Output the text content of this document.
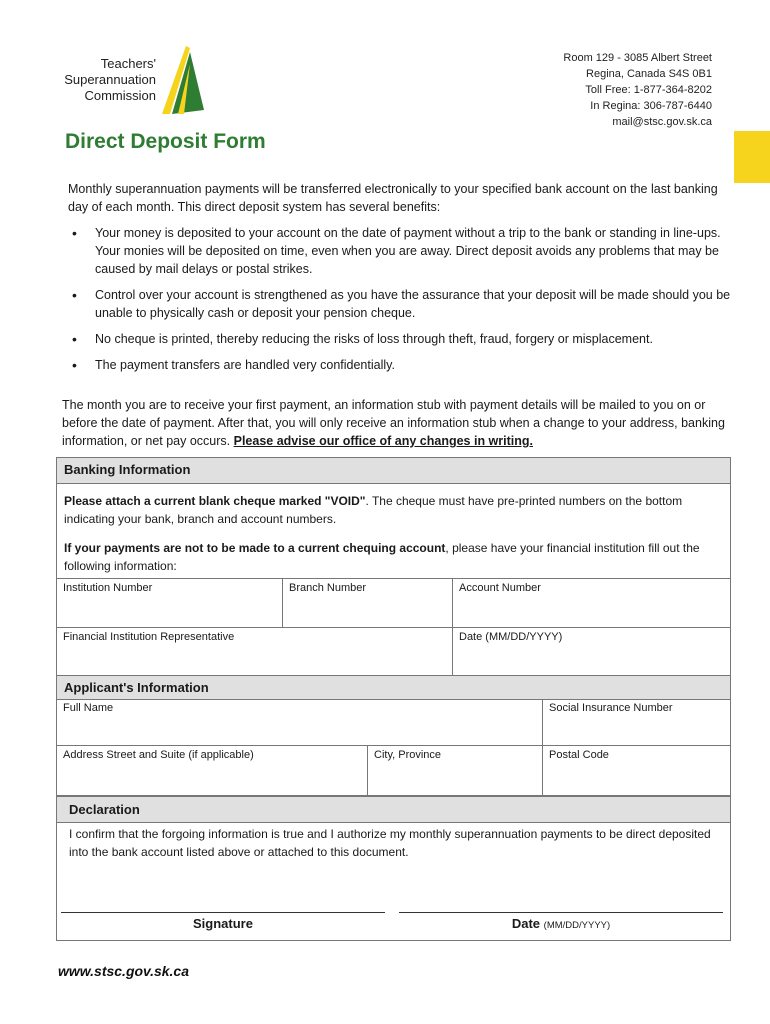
Teachers'
Superannuation
Commission
Room 129 - 3085 Albert Street
Regina, Canada S4S 0B1
Toll Free: 1-877-364-8202
In Regina: 306-787-6440
mail@stsc.gov.sk.ca
Direct Deposit Form
Monthly superannuation payments will be transferred electronically to your specified bank account on the last banking day of each month. This direct deposit system has several benefits:
• Your money is deposited to your account on the date of payment without a trip to the bank or standing in line-ups. Your monies will be deposited on time, even when you are away. Direct deposit avoids any problems that may be caused by mail delays or postal strikes.
• Control over your account is strengthened as you have the assurance that your deposit will be made should you be unable to physically cash or deposit your pension cheque.
• No cheque is printed, thereby reducing the risks of loss through theft, fraud, forgery or misplacement.
• The payment transfers are handled very confidentially.
The month you are to receive your first payment, an information stub with payment details will be mailed to you on or before the date of payment. After that, you will only receive an information stub when a change to your address, banking information, or net pay occurs. Please advise our office of any changes in writing.
Banking Information
Please attach a current blank cheque marked "VOID". The cheque must have pre-printed numbers on the bottom indicating your bank, branch and account numbers.
If your payments are not to be made to a current chequing account, please have your financial institution fill out the following information:
Institution Number	Branch Number	Account Number
Financial Institution Representative	Date (MM/DD/YYYY)
Applicant's Information
Full Name	Social Insurance Number
Address Street and Suite (if applicable)	City, Province	Postal Code
Declaration
I confirm that the forgoing information is true and I authorize my monthly superannuation payments to be direct deposited into the bank account listed above or attached to this document.
Signature	Date (MM/DD/YYYY)
www.stsc.gov.sk.ca
